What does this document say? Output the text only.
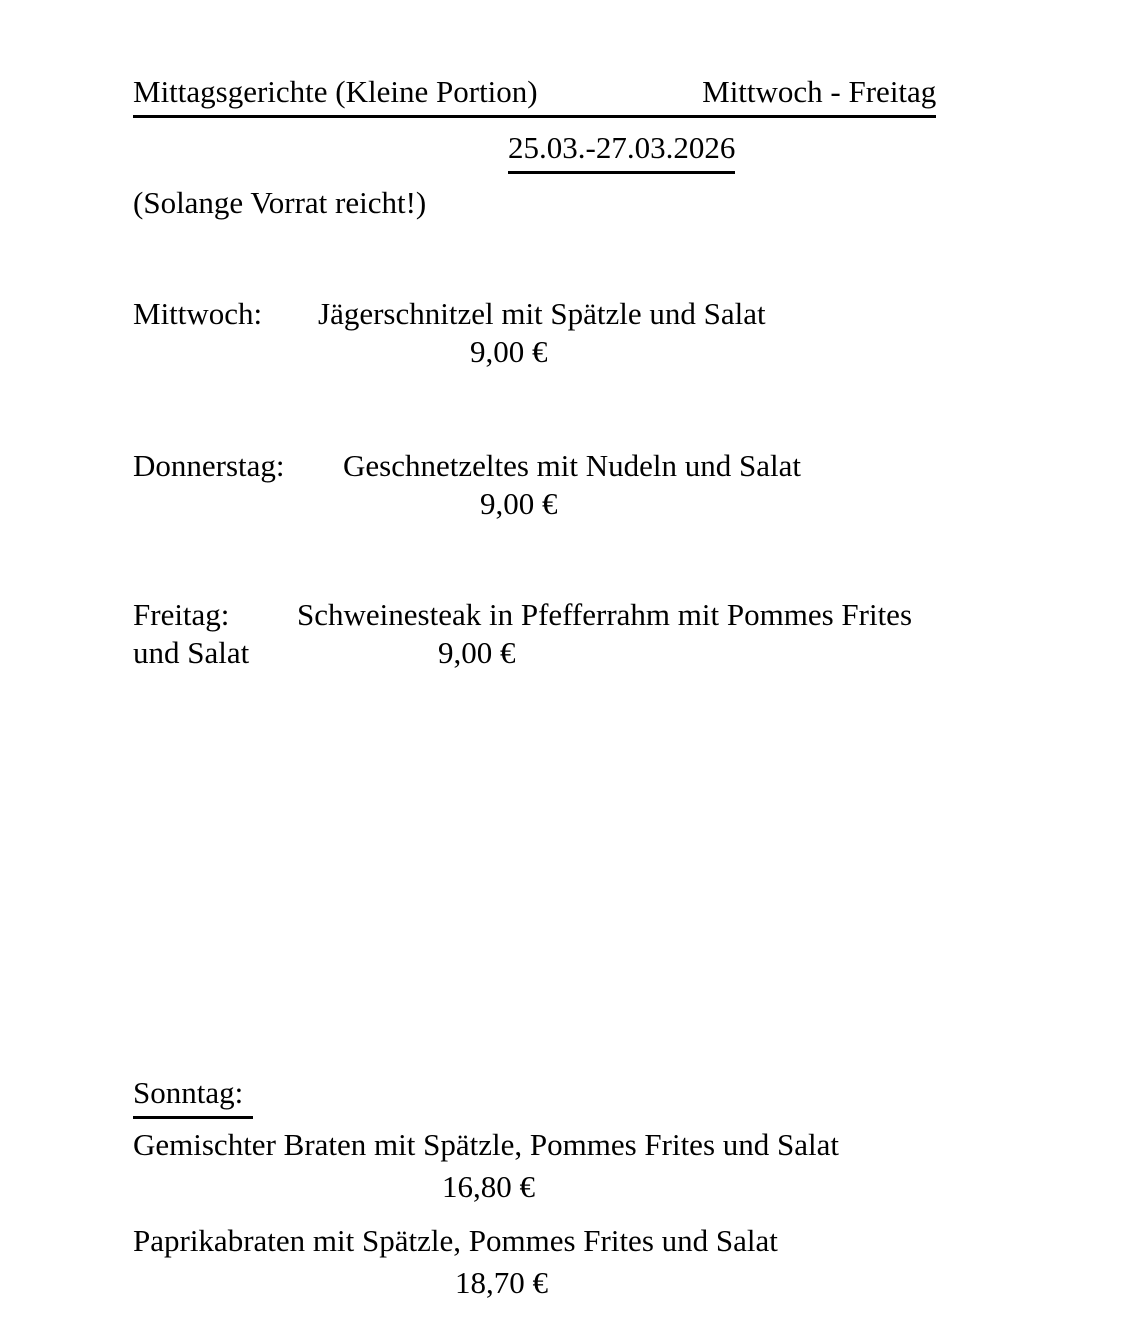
Mittagsgerichte (Kleine Portion)	Mittwoch - Freitag
25.03.-27.03.2026
(Solange Vorrat reicht!)
Mittwoch: Jägerschnitzel mit Spätzle und Salat
9,00 €
Donnerstag: Geschnetzeltes mit Nudeln und Salat
9,00 €
Freitag: Schweinesteak in Pfefferrahm mit Pommes Frites
und Salat	9,00 €
Sonntag:
Gemischter Braten mit Spätzle, Pommes Frites und Salat
16,80 €
Paprikabraten mit Spätzle, Pommes Frites und Salat
18,70 €
